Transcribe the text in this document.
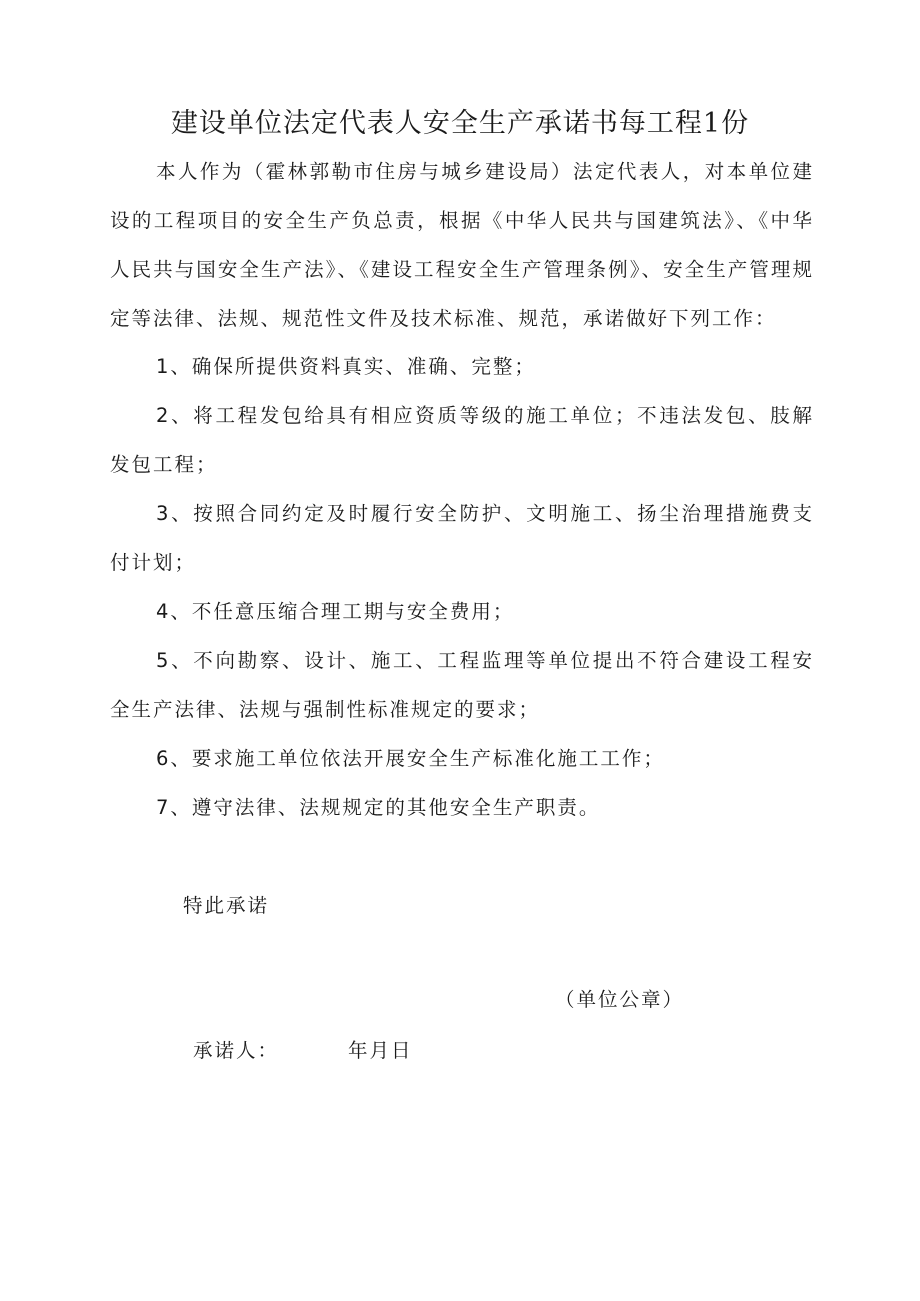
建设单位法定代表人安全生产承诺书每工程1份
本人作为（霍林郭勒市住房与城乡建设局）法定代表人，对本单位建设的工程项目的安全生产负总责，根据《中华人民共与国建筑法》、《中华人民共与国安全生产法》、《建设工程安全生产管理条例》、安全生产管理规定等法律、法规、规范性文件及技术标准、规范，承诺做好下列工作：
1、确保所提供资料真实、准确、完整；
2、将工程发包给具有相应资质等级的施工单位；不违法发包、肢解发包工程；
3、按照合同约定及时履行安全防护、文明施工、扬尘治理措施费支付计划；
4、不任意压缩合理工期与安全费用；
5、不向勘察、设计、施工、工程监理等单位提出不符合建设工程安全生产法律、法规与强制性标准规定的要求；
6、要求施工单位依法开展安全生产标准化施工工作；
7、遵守法律、法规规定的其他安全生产职责。
特此承诺
（单位公章）
承诺人：	年月日
